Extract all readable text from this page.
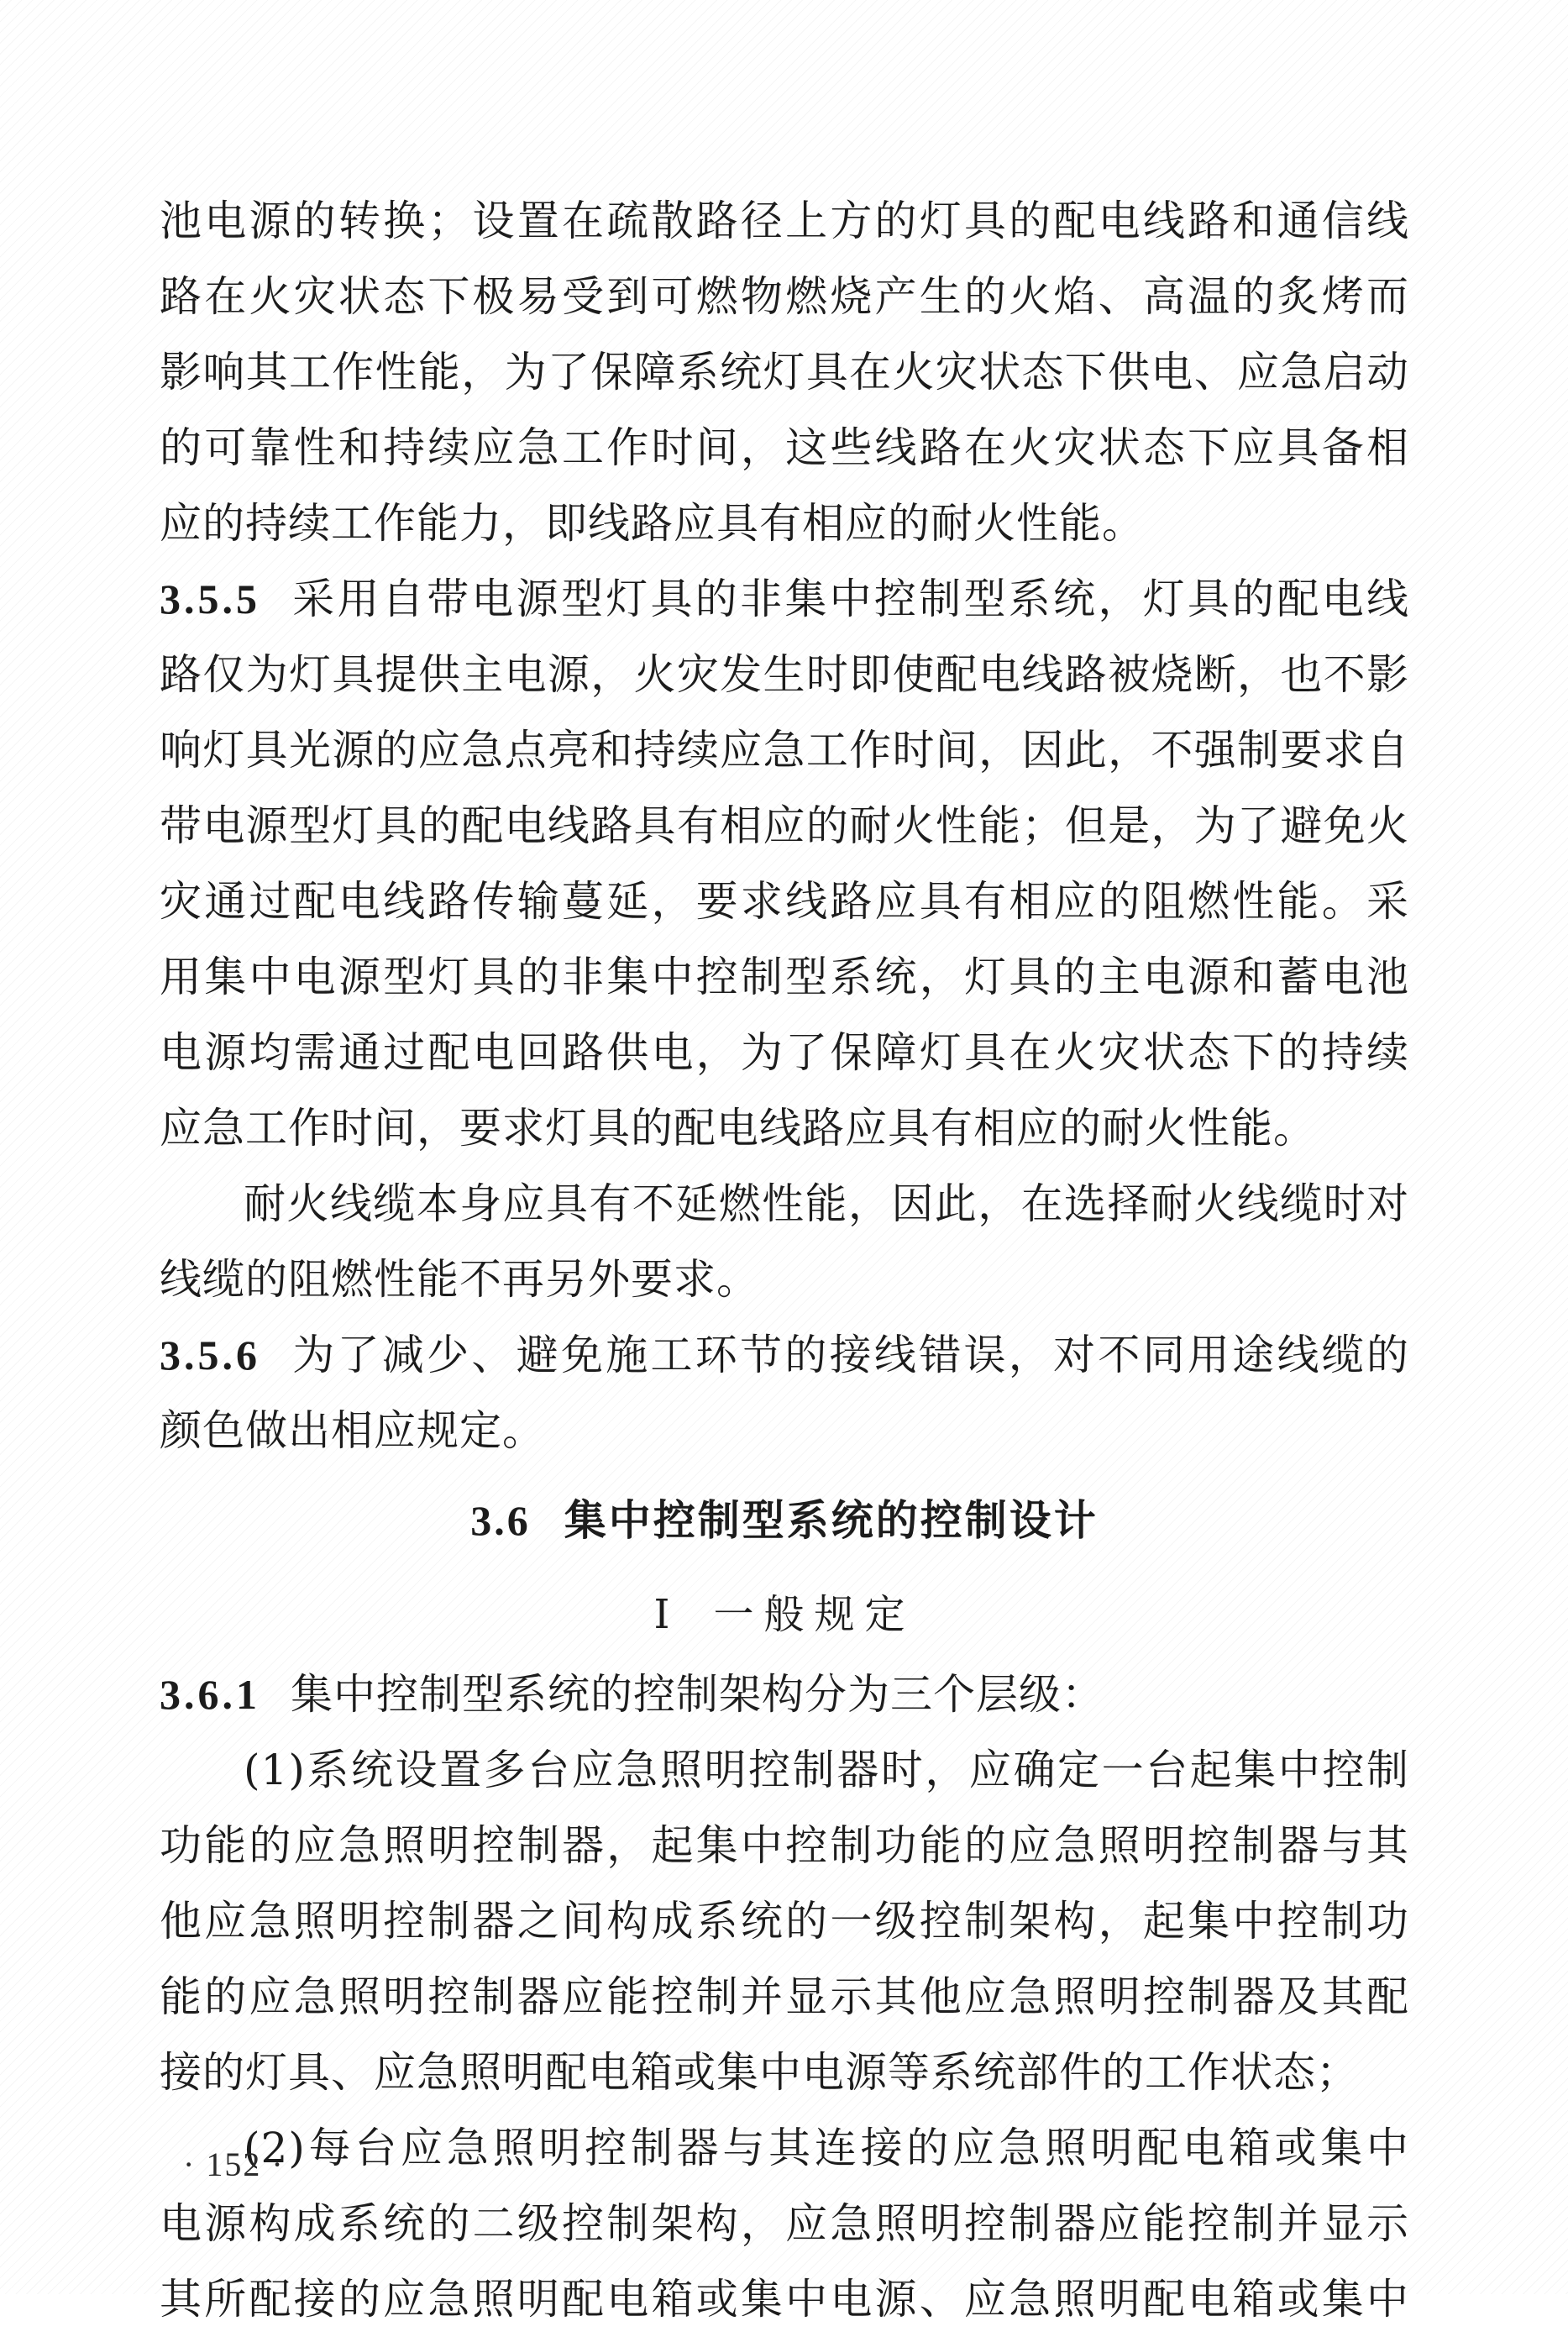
池电源的转换；设置在疏散路径上方的灯具的配电线路和通信线
路在火灾状态下极易受到可燃物燃烧产生的火焰、高温的炙烤而
影响其工作性能，为了保障系统灯具在火灾状态下供电、应急启动
的可靠性和持续应急工作时间，这些线路在火灾状态下应具备相
应的持续工作能力，即线路应具有相应的耐火性能。
3.5.5 采用自带电源型灯具的非集中控制型系统，灯具的配电线
路仅为灯具提供主电源，火灾发生时即使配电线路被烧断，也不影
响灯具光源的应急点亮和持续应急工作时间，因此，不强制要求自
带电源型灯具的配电线路具有相应的耐火性能；但是，为了避免火
灾通过配电线路传输蔓延，要求线路应具有相应的阻燃性能。采
用集中电源型灯具的非集中控制型系统，灯具的主电源和蓄电池
电源均需通过配电回路供电，为了保障灯具在火灾状态下的持续
应急工作时间，要求灯具的配电线路应具有相应的耐火性能。
耐火线缆本身应具有不延燃性能，因此，在选择耐火线缆时对
线缆的阻燃性能不再另外要求。
3.5.6 为了减少、避免施工环节的接线错误，对不同用途线缆的
颜色做出相应规定。
3.6 集中控制型系统的控制设计
Ⅰ 一般规定
3.6.1 集中控制型系统的控制架构分为三个层级：
(1)系统设置多台应急照明控制器时，应确定一台起集中控制
功能的应急照明控制器，起集中控制功能的应急照明控制器与其
他应急照明控制器之间构成系统的一级控制架构，起集中控制功
能的应急照明控制器应能控制并显示其他应急照明控制器及其配
接的灯具、应急照明配电箱或集中电源等系统部件的工作状态；
(2)每台应急照明控制器与其连接的应急照明配电箱或集中
电源构成系统的二级控制架构，应急照明控制器应能控制并显示
其所配接的应急照明配电箱或集中电源、应急照明配电箱或集中
· 152 ·
